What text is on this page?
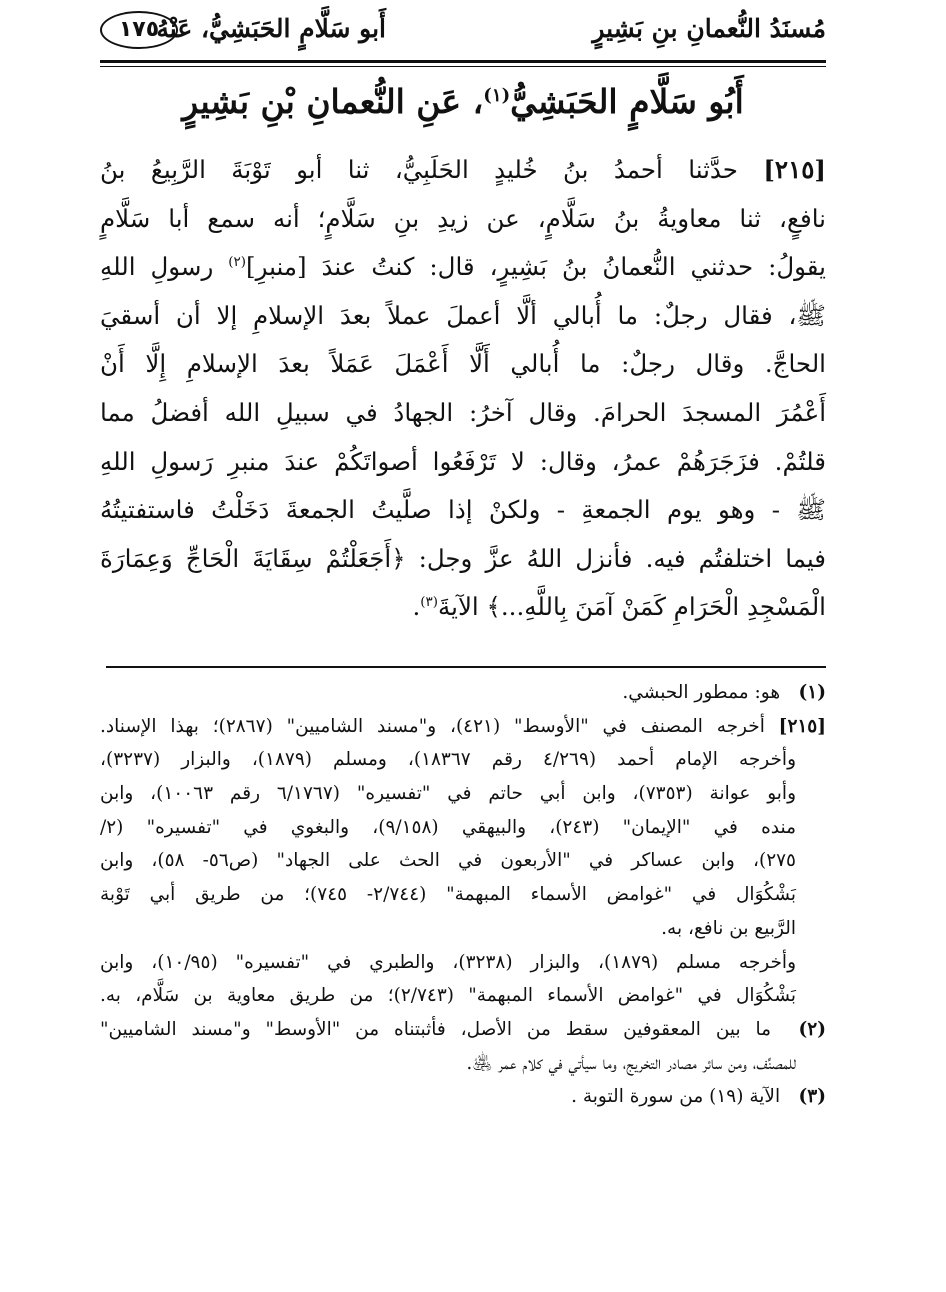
مُسنَدُ النُّعمانِ بنِ بَشِيرٍ
أَبو سَلَّامٍ الحَبَشِيُّ، عَنْهُ
١٧٥
أَبُو سَلَّامٍ الحَبَشِيُّ$^{(١)}$، عَنِ النُّعمانِ بْنِ بَشِيرٍ
[٢١٥] حدَّثنا أحمدُ بنُ خُليدٍ الحَلَبِيُّ، ثنا أبو تَوْبَةَ الرَّبِيعُ بنُ
نافعٍ، ثنا معاويةُ بنُ سَلَّامٍ، عن زيدِ بنِ سَلَّامٍ؛ أنه سمع أبا سَلَّامٍ
يقولُ: حدثني النُّعمانُ بنُ بَشِيرٍ، قال: كنتُ عندَ [منبرِ]$^{(٢)}$ رسولِ اللهِ
ﷺ، فقال رجلٌ: ما أُبالي ألَّا أعملَ عملاً بعدَ الإسلامِ إلا أن أسقيَ
الحاجَّ. وقال رجلٌ: ما أُبالي أَلَّا أَعْمَلَ عَمَلاً بعدَ الإسلامِ إِلَّا أَنْ
أَعْمُرَ المسجدَ الحرامَ. وقال آخرُ: الجهادُ في سبيلِ الله أفضلُ مما
قلتُمْ. فزَجَرَهُمْ عمرُ، وقال: لا تَرْفَعُوا أصواتَكُمْ عندَ منبرِ رَسولِ اللهِ
ﷺ - وهو يوم الجمعةِ - ولكنْ إذا صلَّيتُ الجمعةَ دَخَلْتُ فاستفتيتُهُ
فيما اختلفتُم فيه. فأنزل اللهُ عزَّ وجل: ﴿أَجَعَلْتُمْ سِقَايَةَ الْحَاجِّ وَعِمَارَةَ
الْمَسْجِدِ الْحَرَامِ كَمَنْ آمَنَ بِاللَّهِ...﴾ الآيةَ$^{(٣)}$.
(١) هو: ممطور الحبشي.
[٢١٥] أخرجه المصنف في "الأوسط" (٤٢١)، و"مسند الشاميين" (٢٨٦٧)؛ بهذا الإسناد.
وأخرجه الإمام أحمد (٤/٢٦٩ رقم ١٨٣٦٧)، ومسلم (١٨٧٩)، والبزار (٣٢٣٧)،
وأبو عوانة (٧٣٥٣)، وابن أبي حاتم في "تفسيره" (٦/١٧٦٧ رقم ١٠٠٦٣)، وابن
منده في "الإيمان" (٢٤٣)، والبيهقي (٩/١٥٨)، والبغوي في "تفسيره" (٢/
٢٧٥)، وابن عساكر في "الأربعون في الحث على الجهاد" (ص٥٦- ٥٨)، وابن
بَشْكُوَال في "غوامض الأسماء المبهمة" (٢/٧٤٤- ٧٤٥)؛ من طريق أبي تَوْبة
الرَّبيع بن نافع، به.
وأخرجه مسلم (١٨٧٩)، والبزار (٣٢٣٨)، والطبري في "تفسيره" (١٠/٩٥)، وابن
بَشْكُوَال في "غوامض الأسماء المبهمة" (٢/٧٤٣)؛ من طريق معاوية بن سَلَّام، به.
(٢) ما بين المعقوفين سقط من الأصل، فأثبتناه من "الأوسط" و"مسند الشاميين"
للمصنِّف، ومن سائر مصادر التخريج، وما سيأتي في كلام عمر ﵁.
(٣) الآية (١٩) من سورة التوبة .
